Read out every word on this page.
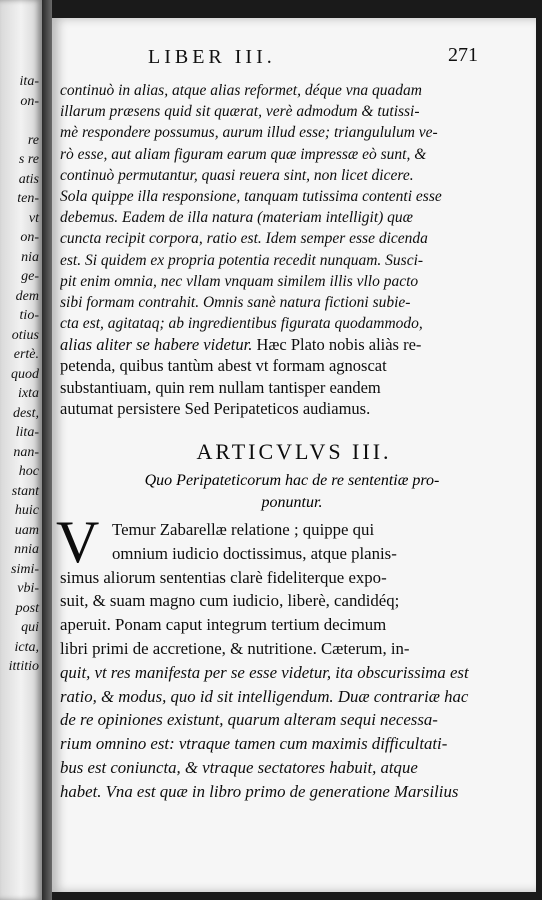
ita-
on-
re
s re
atis
ten-
vt
on-
nia
ge-
dem
tio-
otius
ertè.
quod
ixta
dest,
lita-
nan-
hoc
stant
huic
uam
nnia
simi-
vbi-
post
qui
icta,
ittitio
LIBER III.	271
continuò in alias, atque alias reformet, déque vna quadam
illarum præsens quid sit quærat, verè admodum & tutissi-
mè respondere possumus, aurum illud esse; triangululum ve-
rò esse, aut aliam figuram earum quæ impressæ eò sunt, &
continuò permutantur, quasi reuera sint, non licet dicere.
Sola quippe illa responsione, tanquam tutissima contenti esse
debemus. Eadem de illa natura (materiam intelligit) quæ
cuncta recipit corpora, ratio est. Idem semper esse dicenda
est. Si quidem ex propria potentia recedit nunquam. Susci-
pit enim omnia, nec vllam vnquam similem illis vllo pacto
sibi formam contrahit. Omnis sanè natura fictioni subie-
cta est, agitataq; ab ingredientibus figurata quodammodo,
alias aliter se habere videtur. Hæc Plato nobis aliàs re-
petenda, quibus tantùm abest vt formam agnoscat
substantiuam, quin rem nullam tantisper eandem
autumat persistere Sed Peripateticos audiamus.
ARTICVLVS III.
Quo Peripateticorum hac de re sententiæ pro-
ponuntur.
V Temur Zabarellæ relatione ; quippe qui
omnium iudicio doctissimus, atque planis-
simus aliorum sententias clarè fideliterque expo-
suit, & suam magno cum iudicio, liberè, candidéq;
aperuit. Ponam caput integrum tertium decimum
libri primi de accretione, & nutritione. Cæterum, in-
quit, vt res manifesta per se esse videtur, ita obscurissima est
ratio, & modus, quo id sit intelligendum. Duæ contrariæ hac
de re opiniones existunt, quarum alteram sequi necessa-
rium omnino est: vtraque tamen cum maximis difficultati-
bus est coniuncta, & vtraque sectatores habuit, atque
habet. Vna est quæ in libro primo de generatione Marsilius
